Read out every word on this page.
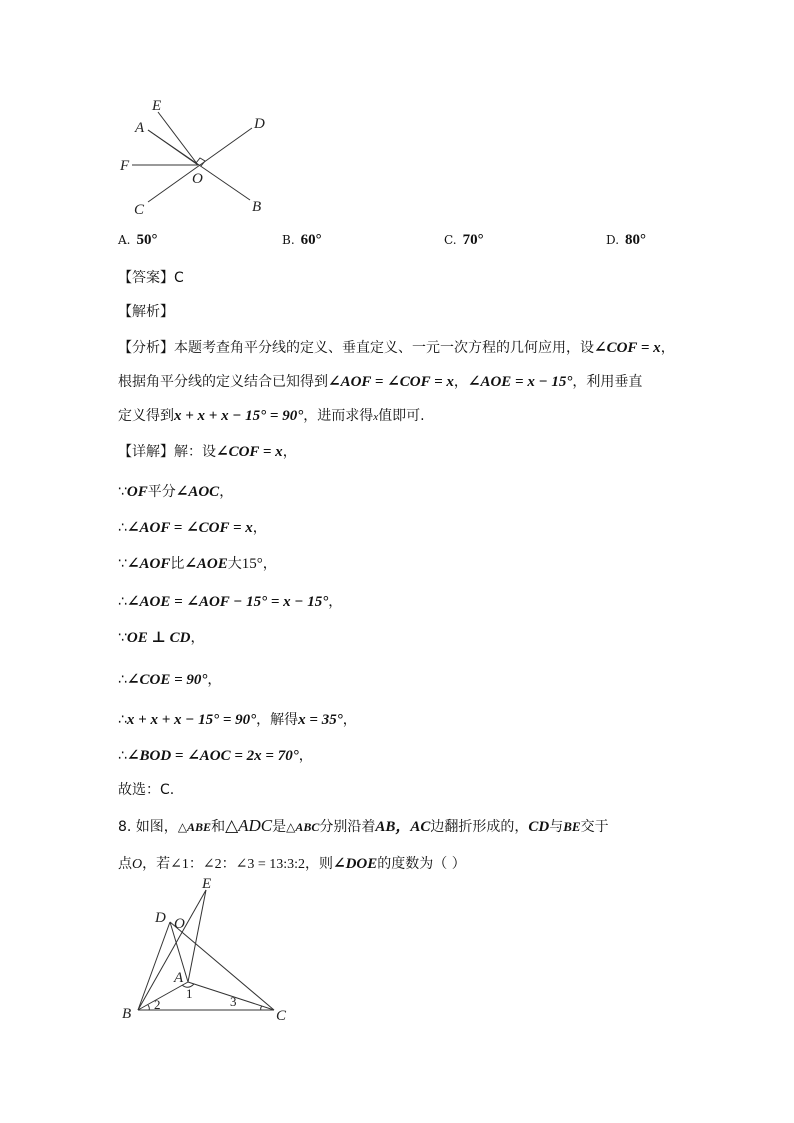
E
A	D
F
O
C	B
A. 50°	B. 60°	C. 70°	D. 80°
【答案】C
【解析】
【分析】本题考查角平分线的定义、垂直定义、一元一次方程的几何应用，设∠COF = x，
根据角平分线的定义结合已知得到∠AOF = ∠COF = x，∠AOE = x − 15°，利用垂直
定义得到x + x + x − 15° = 90°，进而求得x值即可.
【详解】解：设∠COF = x，
∵OF平分∠AOC，
∴∠AOF = ∠COF = x，
∵∠AOF比∠AOE大15°，
∴∠AOE = ∠AOF − 15° = x − 15°，
∵OE ⊥ CD，
∴∠COE = 90°，
∴x + x + x − 15° = 90°，解得x = 35°，
∴∠BOD = ∠AOC = 2x = 70°，
故选：C.
8. 如图，△ABE和△ADC是△ABC分别沿着AB，AC边翻折形成的，CD与BE交于
点O，若∠1：∠2：∠3 = 13:3:2，则∠DOE的度数为（ ）
E
D O
A
1
2	3
B	C
